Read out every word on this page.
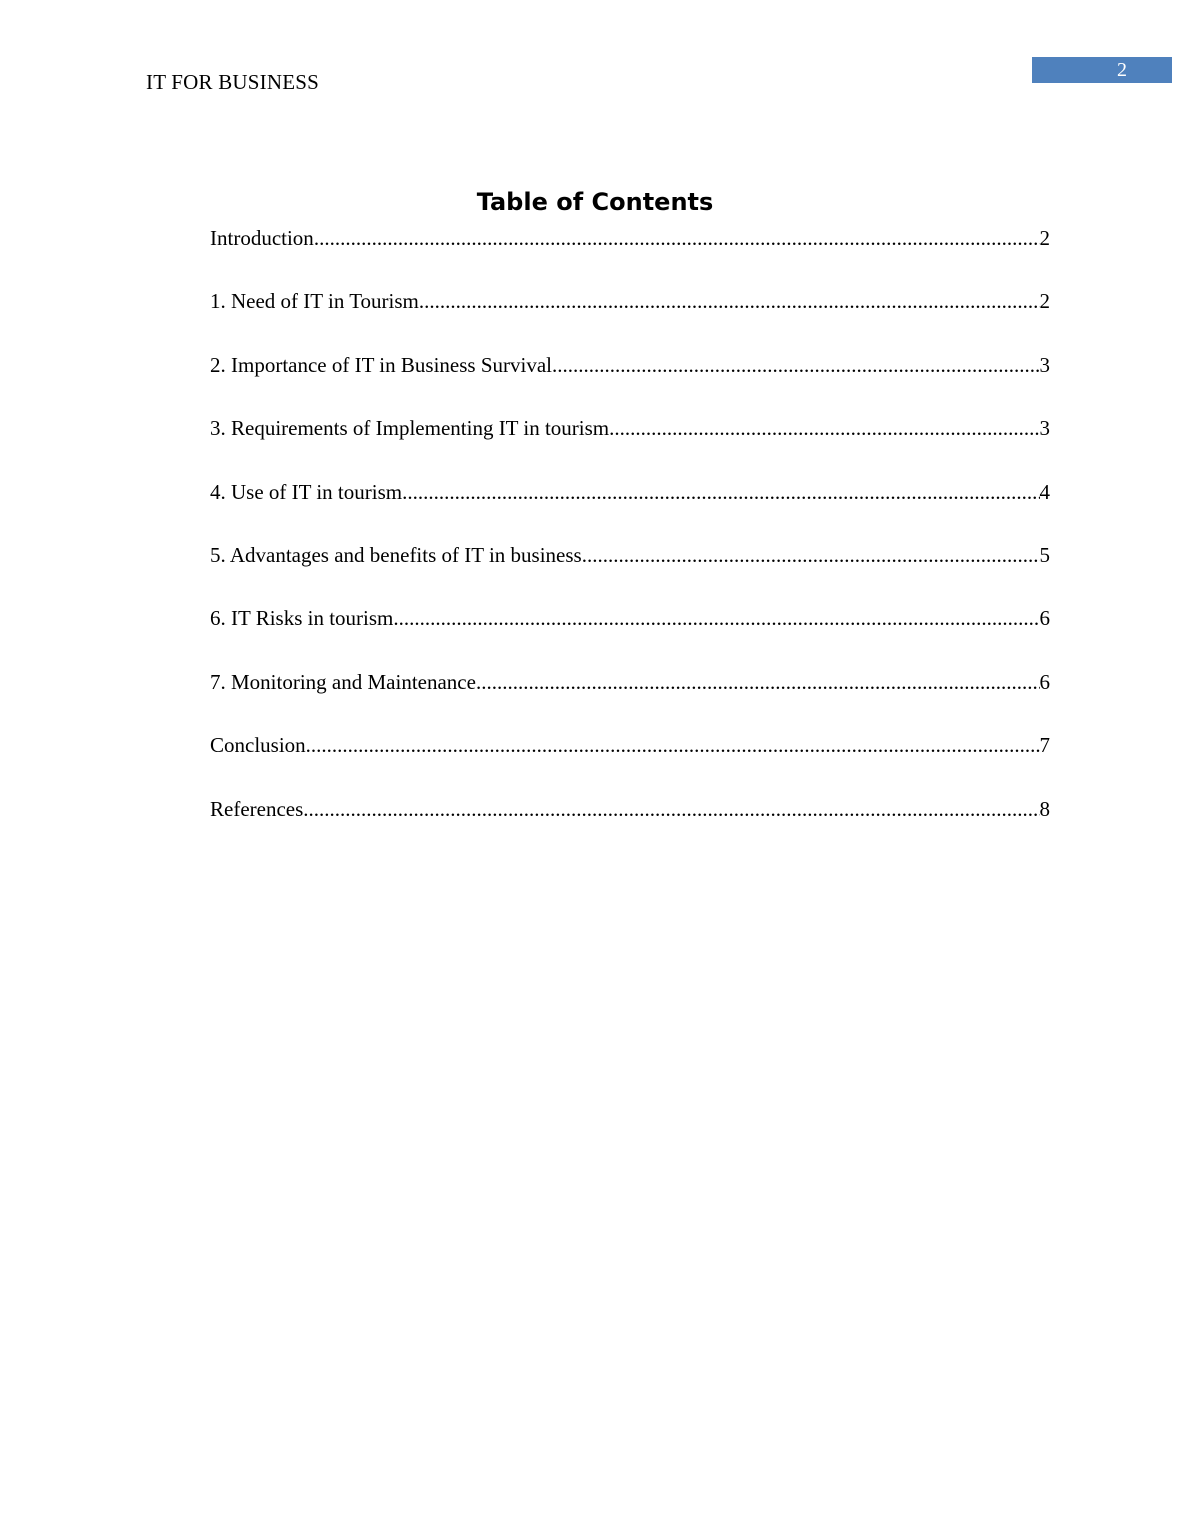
IT FOR BUSINESS	2
Table of Contents
Introduction .....	2
1. Need of IT in Tourism .....	2
2. Importance of IT in Business Survival .....	3
3. Requirements of Implementing IT in tourism .....	3
4. Use of IT in tourism .....	4
5. Advantages and benefits of IT in business .....	5
6. IT Risks in tourism .....	6
7. Monitoring and Maintenance .....	6
Conclusion .....	7
References .....	8
